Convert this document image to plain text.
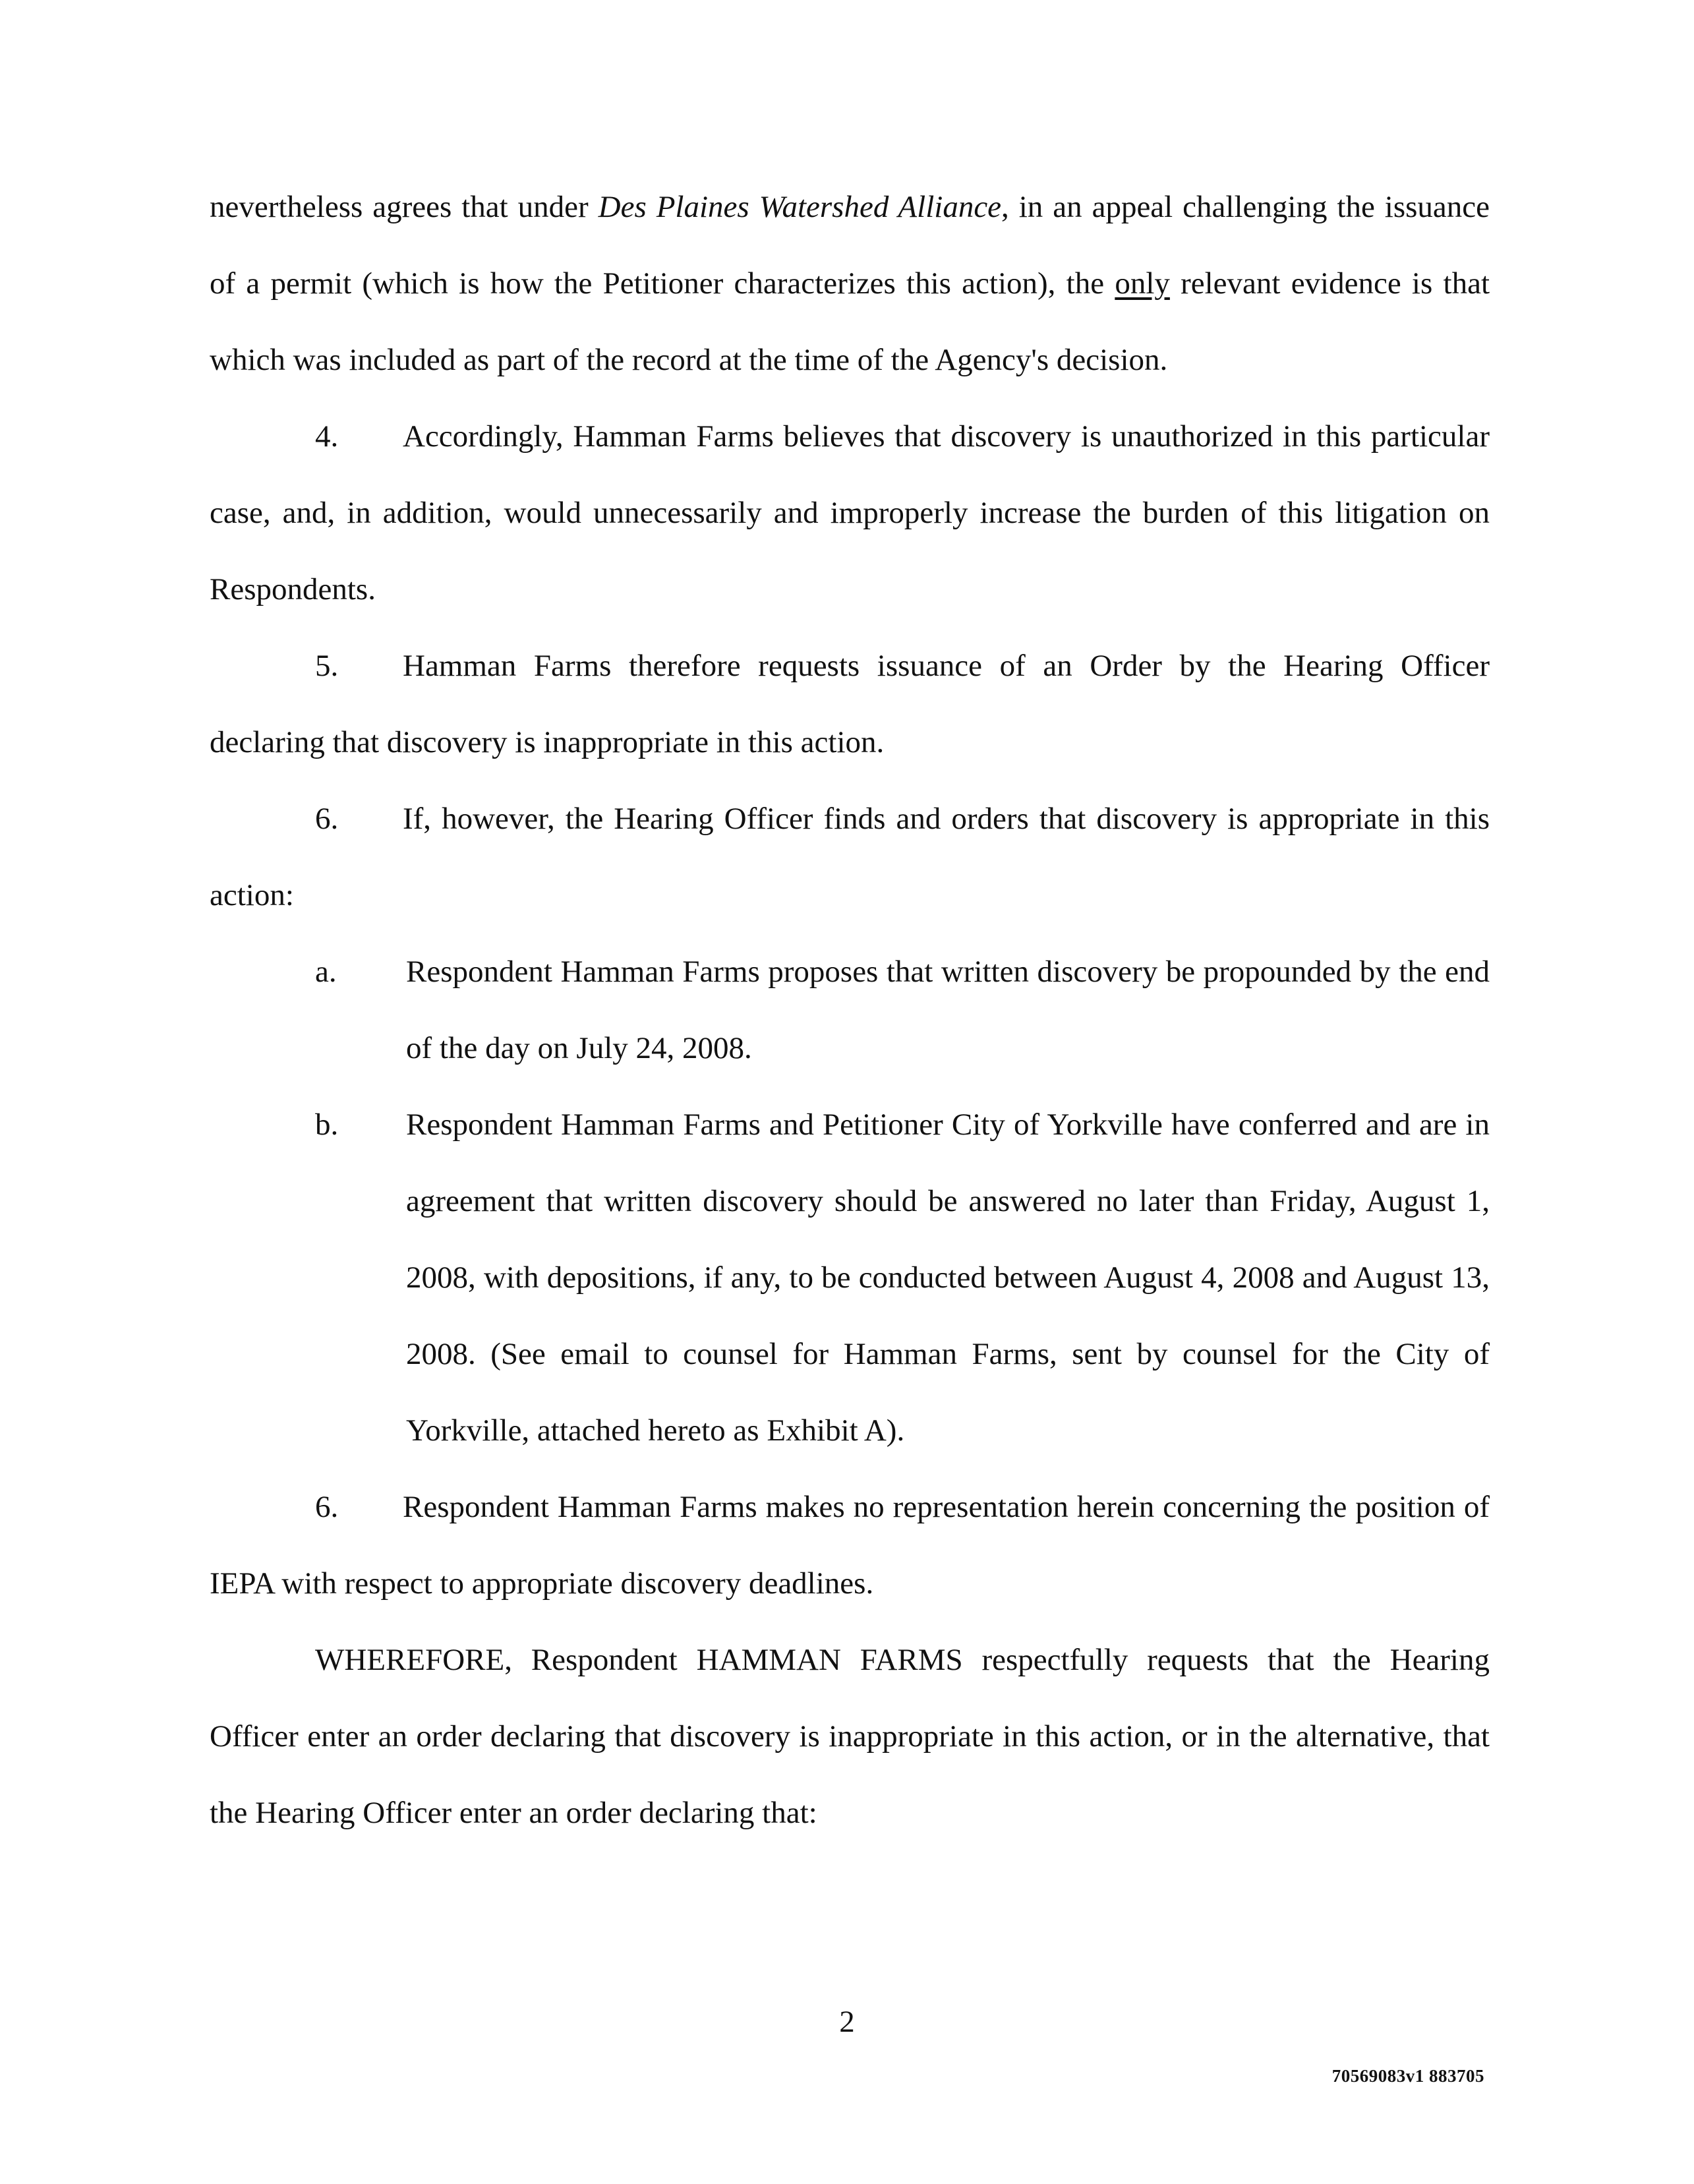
nevertheless agrees that under Des Plaines Watershed Alliance, in an appeal challenging the issuance of a permit (which is how the Petitioner characterizes this action), the only relevant evidence is that which was included as part of the record at the time of the Agency's decision.

4. Accordingly, Hamman Farms believes that discovery is unauthorized in this particular case, and, in addition, would unnecessarily and improperly increase the burden of this litigation on Respondents.

5. Hamman Farms therefore requests issuance of an Order by the Hearing Officer declaring that discovery is inappropriate in this action.

6. If, however, the Hearing Officer finds and orders that discovery is appropriate in this action:

a. Respondent Hamman Farms proposes that written discovery be propounded by the end of the day on July 24, 2008.

b. Respondent Hamman Farms and Petitioner City of Yorkville have conferred and are in agreement that written discovery should be answered no later than Friday, August 1, 2008, with depositions, if any, to be conducted between August 4, 2008 and August 13, 2008. (See email to counsel for Hamman Farms, sent by counsel for the City of Yorkville, attached hereto as Exhibit A).

6. Respondent Hamman Farms makes no representation herein concerning the position of IEPA with respect to appropriate discovery deadlines.

WHEREFORE, Respondent HAMMAN FARMS respectfully requests that the Hearing Officer enter an order declaring that discovery is inappropriate in this action, or in the alternative, that the Hearing Officer enter an order declaring that:

2
70569083v1 883705
